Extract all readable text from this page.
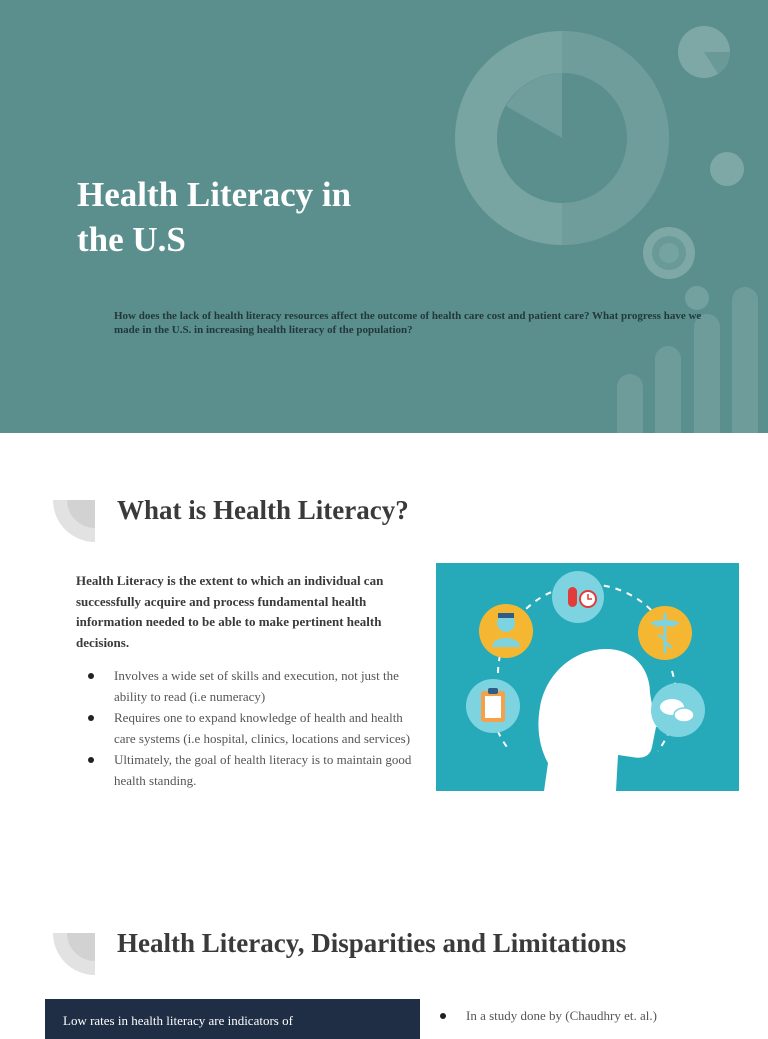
Health Literacy in
the U.S

How does the lack of health literacy resources affect the outcome of health care cost and patient care? What progress have we made in the U.S. in increasing health literacy of the population?

What is Health Literacy?

Health Literacy is the extent to which an individual can successfully acquire and process fundamental health information needed to be able to make pertinent health decisions.

Involves a wide set of skills and execution, not just the ability to read (i.e numeracy)
Requires one to expand knowledge of health and health care systems (i.e hospital, clinics, locations and services)
Ultimately, the goal of health literacy is to maintain good health standing.
Health Literacy, Disparities and Limitations

Low rates in health literacy are indicators of	In a study done by (Chaudhry et. al.)
